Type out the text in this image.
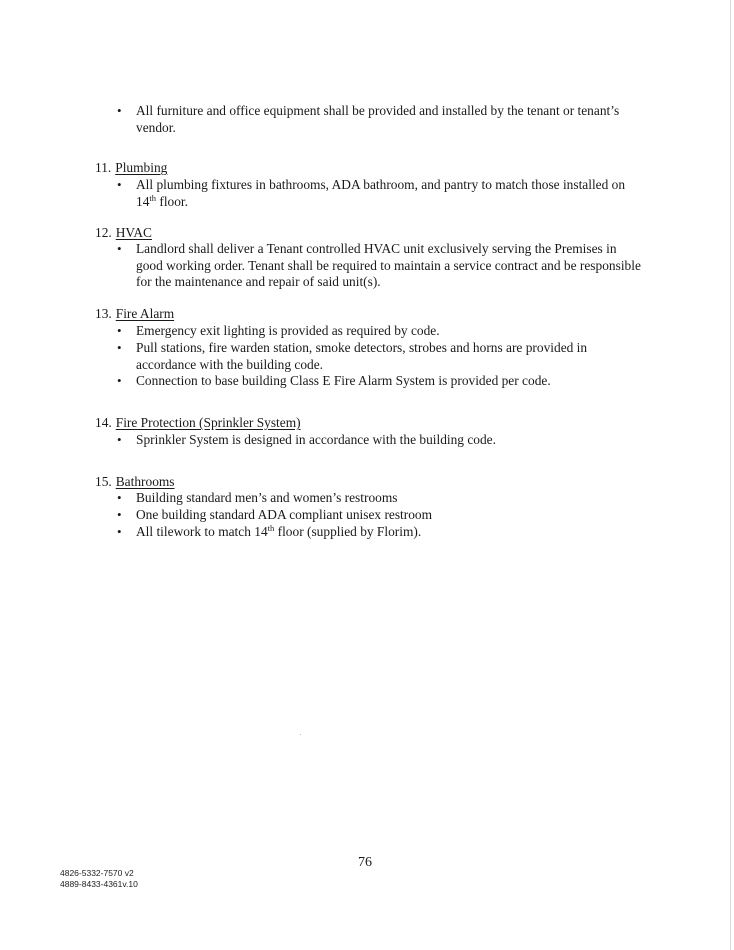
• All furniture and office equipment shall be provided and installed by the tenant or tenant’s vendor.
11. Plumbing
• All plumbing fixtures in bathrooms, ADA bathroom, and pantry to match those installed on 14th floor.
12. HVAC
• Landlord shall deliver a Tenant controlled HVAC unit exclusively serving the Premises in good working order. Tenant shall be required to maintain a service contract and be responsible for the maintenance and repair of said unit(s).
13. Fire Alarm
• Emergency exit lighting is provided as required by code.
• Pull stations, fire warden station, smoke detectors, strobes and horns are provided in accordance with the building code.
• Connection to base building Class E Fire Alarm System is provided per code.
14. Fire Protection (Sprinkler System)
• Sprinkler System is designed in accordance with the building code.
15. Bathrooms
• Building standard men’s and women’s restrooms
• One building standard ADA compliant unisex restroom
• All tilework to match 14th floor (supplied by Florim).
76
4826-5332-7570 v2
4889-8433-4361v.10
